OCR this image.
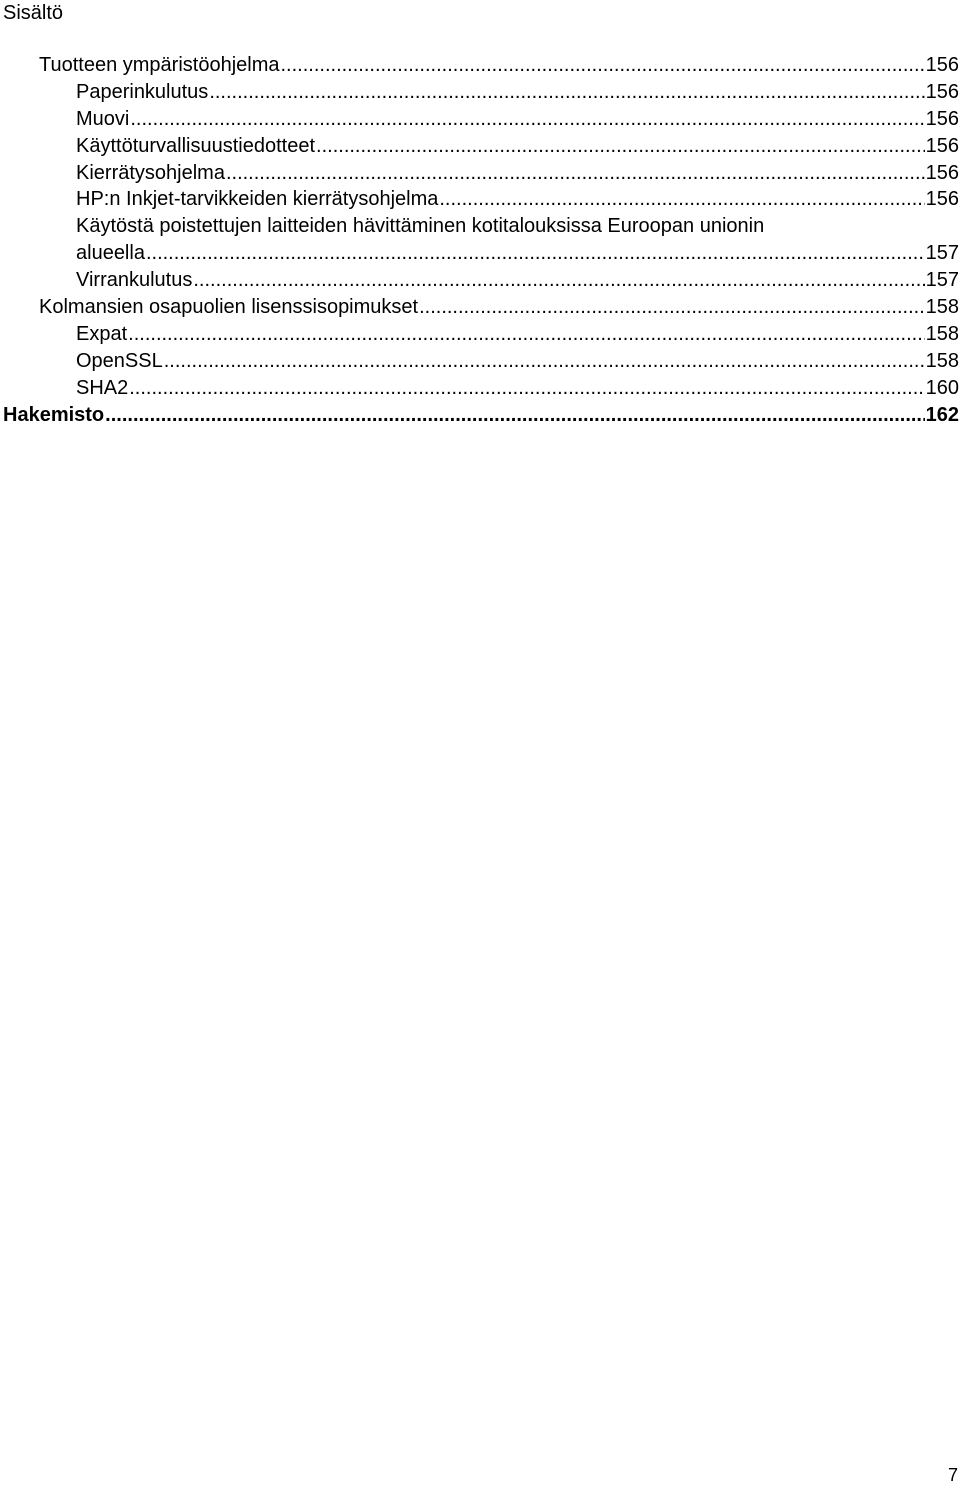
Sisältö
Tuotteen ympäristöohjelma .....	156
Paperinkulutus .....	156
Muovi .....	156
Käyttöturvallisuustiedotteet .....	156
Kierrätysohjelma .....	156
HP:n Inkjet-tarvikkeiden kierrätysohjelma .....	156
Käytöstä poistettujen laitteiden hävittäminen kotitalouksissa Euroopan unionin
alueella .....	157
Virrankulutus .....	157
Kolmansien osapuolien lisenssisopimukset .....	158
Expat .....	158
OpenSSL .....	158
SHA2 .....	160
Hakemisto .....	162
7
